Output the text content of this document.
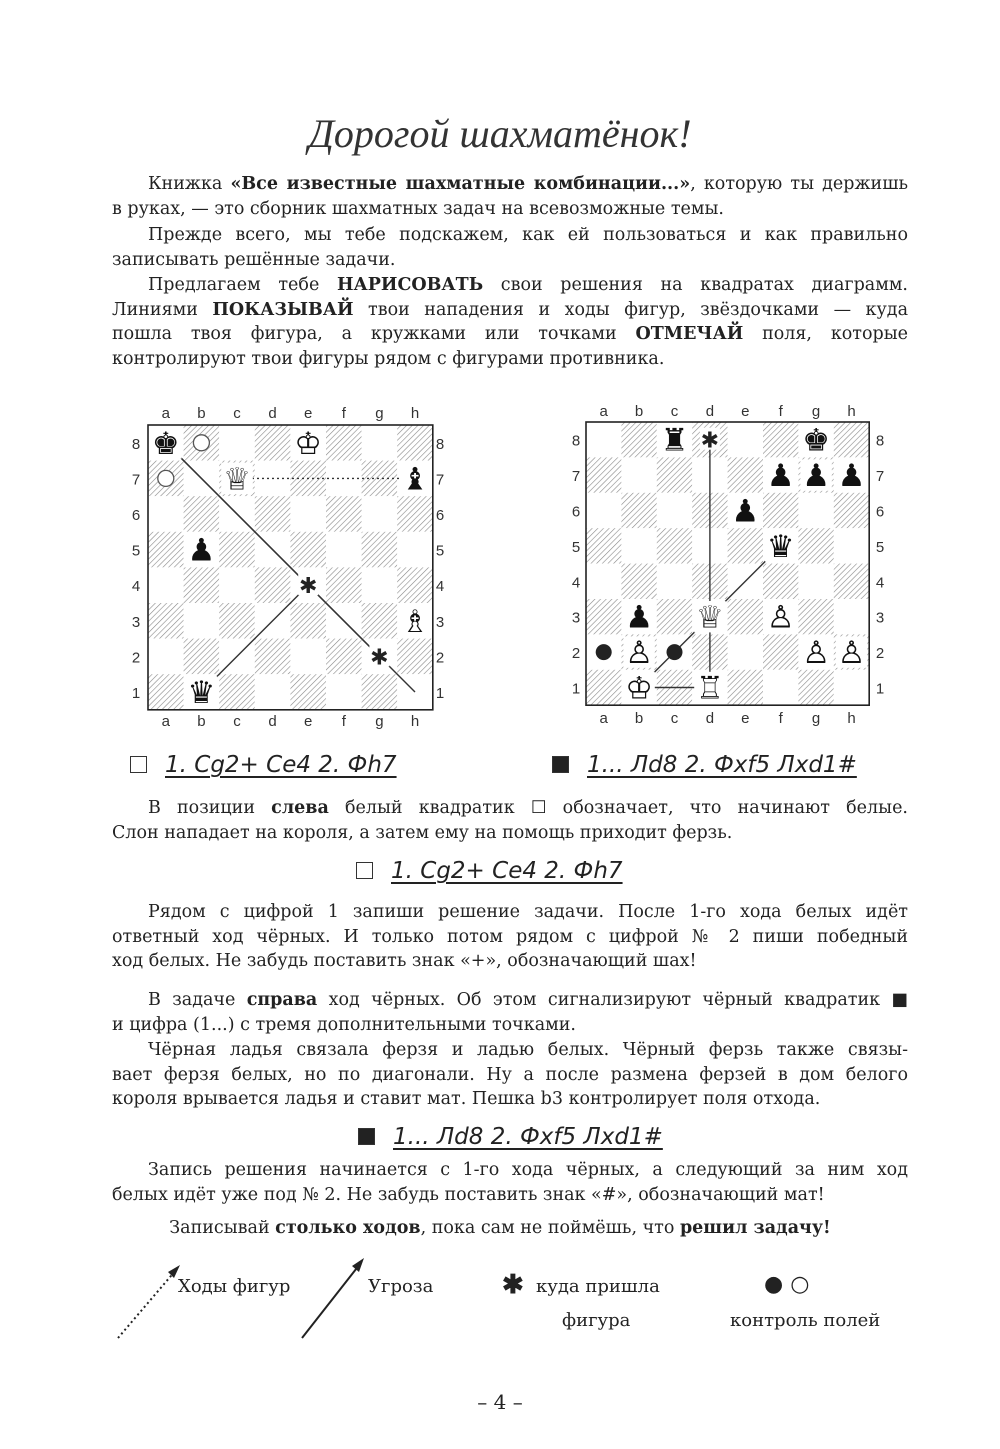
Дорогой шахматёнок!
Книжка «Все известные шахматные комбинации...», которую ты держишь
в руках, — это сборник шахматных задач на всевозможные темы.
Прежде всего, мы тебе подскажем, как ей пользоваться и как правильно
записывать решённые задачи.
Предлагаем тебе НАРИСОВАТЬ свои решения на квадратах диаграмм.
Линиями ПОКАЗЫВАЙ твои нападения и ходы фигур, звёздочками — куда
пошла твоя фигура, а кружками или точками ОТМЕЧАЙ поля, которые
контролируют твои фигуры рядом с фигурами противника.
a
a
b
b
c
c
d
d
e
e
f
f
g
g
h
h
8	8
7	7
6	6
5	5
4	4
3	3
2	2
1	1
✱
✱
♚	♔
♕	♝
♟
♗
♛
a
a
b
b
c
c
d
d
e
e
f
f
g
g
h
h
8	8
7	7
6	6
5	5
4	4
3	3
2	2
1	1
✱
♜	♚
♟ ♟ ♟
♟
♛
♟ ♕ ♙
♙	♙ ♙
♔ ♖
1. Cg2+ Ce4 2. Фh7	1... Лd8 2. Фxf5 Лxd1#
В позиции слева белый квадратик ☐ обозначает, что начинают белые.
Слон нападает на короля, а затем ему на помощь приходит ферзь.
1. Cg2+ Ce4 2. Фh7
Рядом с цифрой 1 запиши решение задачи. После 1-го хода белых идёт
ответный ход чёрных. И только потом рядом с цифрой № 2 пиши победный
ход белых. Не забудь поставить знак «+», обозначающий шах!
В задаче справа ход чёрных. Об этом сигнализируют чёрный квадратик ■
и цифра (1...) с тремя дополнительными точками.
Чёрная ладья связала ферзя и ладью белых. Чёрный ферзь также связы-
вает ферзя белых, но по диагонали. Ну а после размена ферзей в дом белого
короля врывается ладья и ставит мат. Пешка b3 контролирует поля отхода.
1... Лd8 2. Фxf5 Лxd1#
Запись решения начинается с 1-го хода чёрных, а следующий за ним ход
белых идёт уже под № 2. Не забудь поставить знак «#», обозначающий мат!
Записывай столько ходов, пока сам не поймёшь, что решил задачу!
Ходы фигур	Угроза	✱ куда пришла
фигура
● ○
контроль полей
– 4 –
